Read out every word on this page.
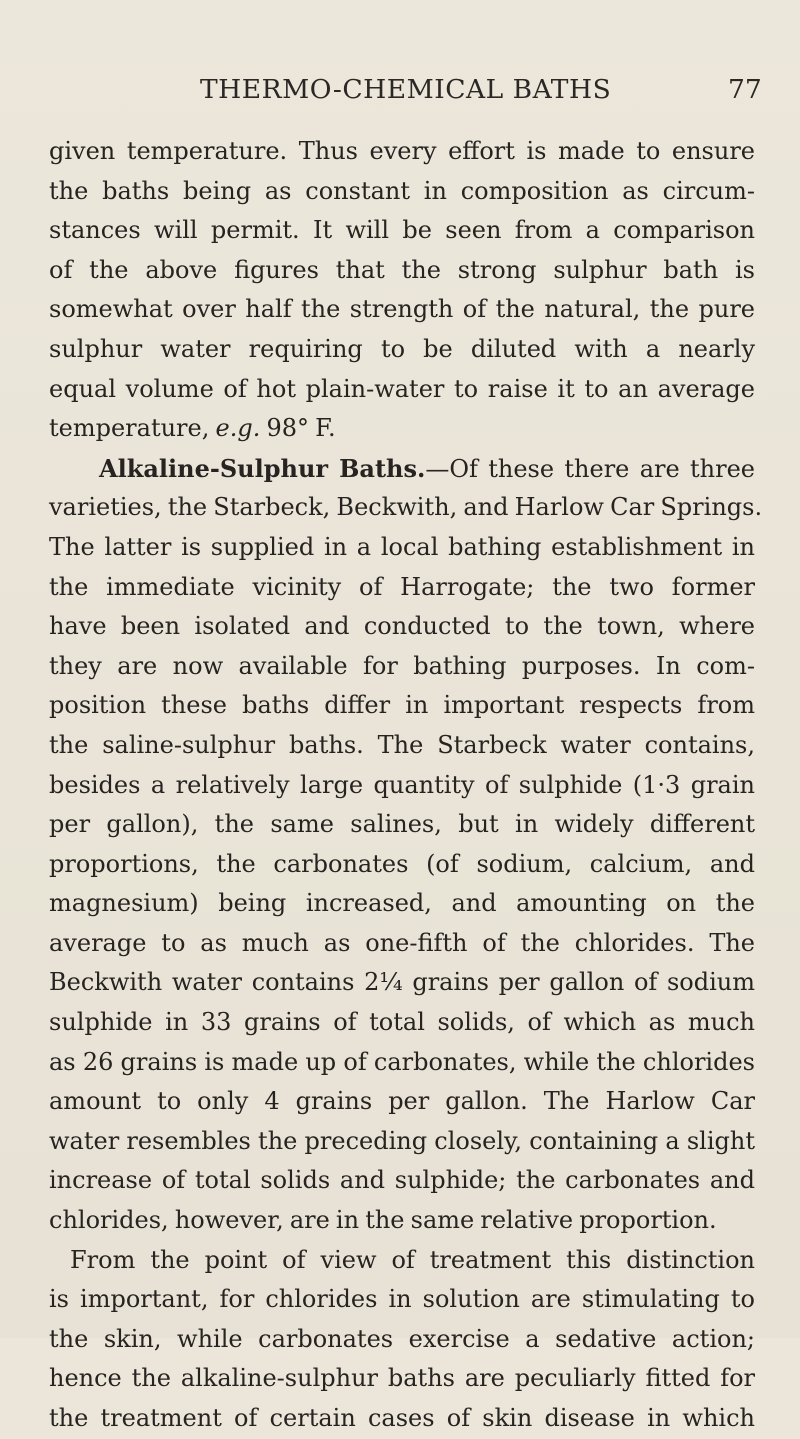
THERMO-CHEMICAL BATHS	77
given temperature. Thus every effort is made to ensure
the baths being as constant in composition as circum-
stances will permit. It will be seen from a comparison
of the above figures that the strong sulphur bath is
somewhat over half the strength of the natural, the pure
sulphur water requiring to be diluted with a nearly
equal volume of hot plain-water to raise it to an average
temperature, e.g. 98° F.
Alkaline-Sulphur Baths.—Of these there are three
varieties, the Starbeck, Beckwith, and Harlow Car Springs.
The latter is supplied in a local bathing establishment in
the immediate vicinity of Harrogate; the two former
have been isolated and conducted to the town, where
they are now available for bathing purposes. In com-
position these baths differ in important respects from
the saline-sulphur baths. The Starbeck water contains,
besides a relatively large quantity of sulphide (1·3 grain
per gallon), the same salines, but in widely different
proportions, the carbonates (of sodium, calcium, and
magnesium) being increased, and amounting on the
average to as much as one-fifth of the chlorides. The
Beckwith water contains 2¼ grains per gallon of sodium
sulphide in 33 grains of total solids, of which as much
as 26 grains is made up of carbonates, while the chlorides
amount to only 4 grains per gallon. The Harlow Car
water resembles the preceding closely, containing a slight
increase of total solids and sulphide; the carbonates and
chlorides, however, are in the same relative proportion.
From the point of view of treatment this distinction
is important, for chlorides in solution are stimulating to
the skin, while carbonates exercise a sedative action;
hence the alkaline-sulphur baths are peculiarly fitted for
the treatment of certain cases of skin disease in which
